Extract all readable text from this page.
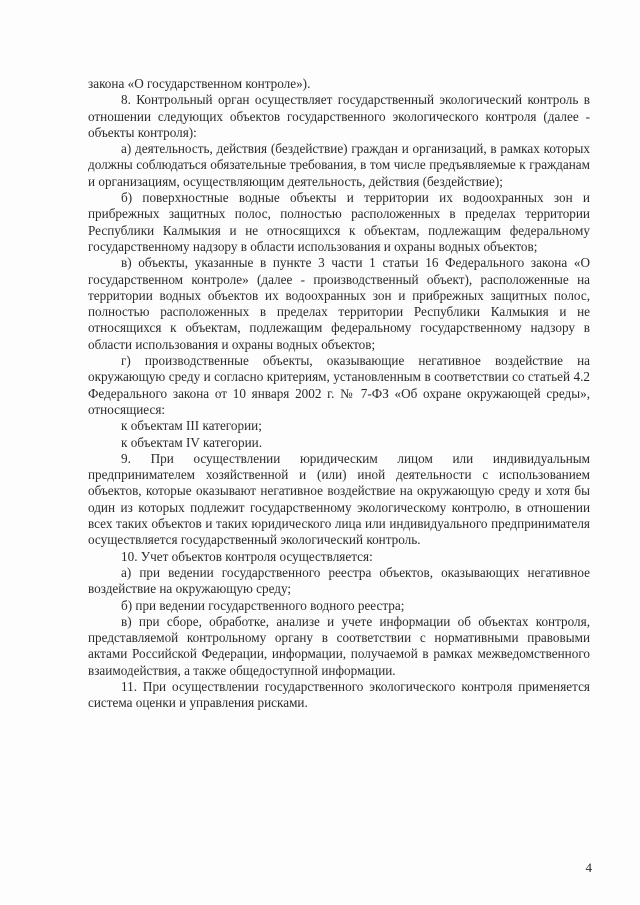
закона «О государственном контроле»).

8. Контрольный орган осуществляет государственный экологический контроль в отношении следующих объектов государственного экологического контроля (далее - объекты контроля):

а) деятельность, действия (бездействие) граждан и организаций, в рамках которых должны соблюдаться обязательные требования, в том числе предъявляемые к гражданам и организациям, осуществляющим деятельность, действия (бездействие);

б) поверхностные водные объекты и территории их водоохранных зон и прибрежных защитных полос, полностью расположенных в пределах территории Республики Калмыкия и не относящихся к объектам, подлежащим федеральному государственному надзору в области использования и охраны водных объектов;

в) объекты, указанные в пункте 3 части 1 статьи 16 Федерального закона «О государственном контроле» (далее - производственный объект), расположенные на территории водных объектов их водоохранных зон и прибрежных защитных полос, полностью расположенных в пределах территории Республики Калмыкия и не относящихся к объектам, подлежащим федеральному государственному надзору в области использования и охраны водных объектов;

г) производственные объекты, оказывающие негативное воздействие на окружающую среду и согласно критериям, установленным в соответствии со статьей 4.2 Федерального закона от 10 января 2002 г. № 7-ФЗ «Об охране окружающей среды», относящиеся:

к объектам III категории;

к объектам IV категории.

9. При осуществлении юридическим лицом или индивидуальным предпринимателем хозяйственной и (или) иной деятельности с использованием объектов, которые оказывают негативное воздействие на окружающую среду и хотя бы один из которых подлежит государственному экологическому контролю, в отношении всех таких объектов и таких юридического лица или индивидуального предпринимателя осуществляется государственный экологический контроль.

10. Учет объектов контроля осуществляется:

а) при ведении государственного реестра объектов, оказывающих негативное воздействие на окружающую среду;

б) при ведении государственного водного реестра;

в) при сборе, обработке, анализе и учете информации об объектах контроля, представляемой контрольному органу в соответствии с нормативными правовыми актами Российской Федерации, информации, получаемой в рамках межведомственного взаимодействия, а также общедоступной информации.

11. При осуществлении государственного экологического контроля применяется система оценки и управления рисками.

4
